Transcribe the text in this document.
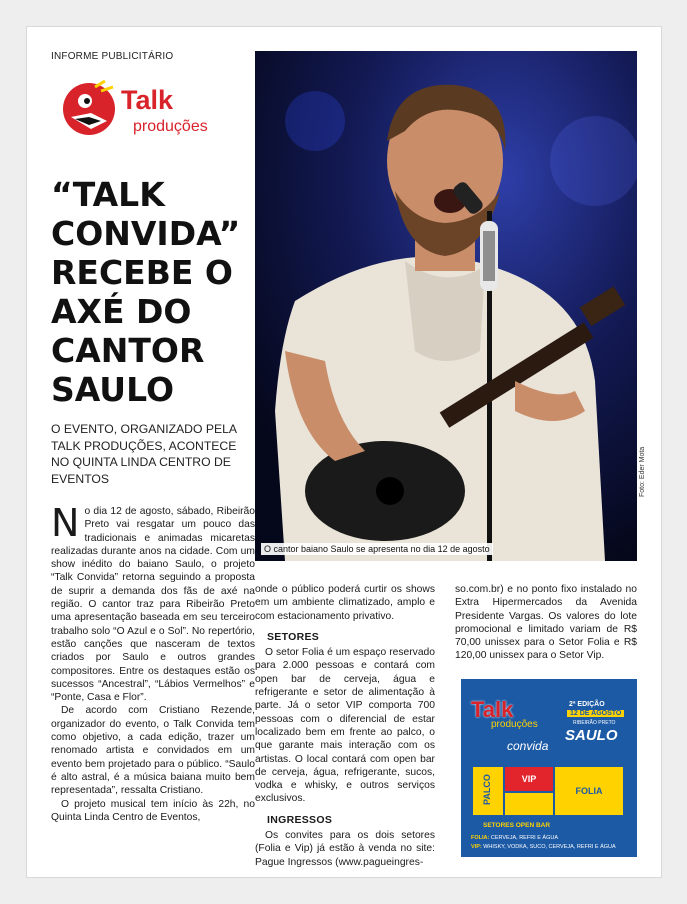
INFORME PUBLICITÁRIO
Talk
produções
“TALK CONVIDA” RECEBE O AXÉ DO CANTOR SAULO

O EVENTO, ORGANIZADO PELA TALK PRODUÇÕES, ACONTECE NO QUINTA LINDA CENTRO DE EVENTOS

O cantor baiano Saulo se apresenta no dia 12 de agosto
Foto: Eder Mota

No dia 12 de agosto, sábado, Ribeirão Preto vai resgatar um pouco das tradicionais e animadas micaretas realizadas durante anos na cidade. Com um show inédito do baiano Saulo, o projeto “Talk Convida” retorna seguindo a proposta de suprir a demanda dos fãs de axé na região. O cantor traz para Ribeirão Preto uma apresentação baseada em seu terceiro trabalho solo “O Azul e o Sol”. No repertório, estão canções que nasceram de textos criados por Saulo e outros grandes compositores. Entre os destaques estão os sucessos “Ancestral”, “Lábios Vermelhos” e “Ponte, Casa e Flor”.

De acordo com Cristiano Rezende, organizador do evento, o Talk Convida tem como objetivo, a cada edição, trazer um renomado artista e convidados em um evento bem projetado para o público. “Saulo é alto astral, é a música baiana muito bem representada”, ressalta Cristiano.

O projeto musical tem início às 22h, no Quinta Linda Centro de Eventos,

onde o público poderá curtir os shows em um ambiente climatizado, amplo e com estacionamento privativo.

SETORES

O setor Folia é um espaço reservado para 2.000 pessoas e contará com open bar de cerveja, água e refrigerante e setor de alimentação à parte. Já o setor VIP comporta 700 pessoas com o diferencial de estar localizado bem em frente ao palco, o que garante mais interação com os artistas. O local contará com open bar de cerveja, água, refrigerante, sucos, vodka e whisky, e outros serviços exclusivos.

INGRESSOS

Os convites para os dois setores (Folia e Vip) já estão à venda no site: Pague Ingressos (www.pagueingres-

so.com.br) e no ponto fixo instalado no Extra Hipermercados da Avenida Presidente Vargas. Os valores do lote promocional e limitado variam de R$ 70,00 unissex para o Setor Folia e R$ 120,00 unissex para o Setor Vip.

Talk
produções
convida
2ª EDIÇÃO
12 DE AGOSTO
RIBEIRÃO PRETO
SAULO
PALCO	VIP
FOLIA
SETORES OPEN BAR
FOLIA: CERVEJA, REFRI E ÁGUA
VIP: WHISKY, VODKA, SUCO, CERVEJA, REFRI E ÁGUA
